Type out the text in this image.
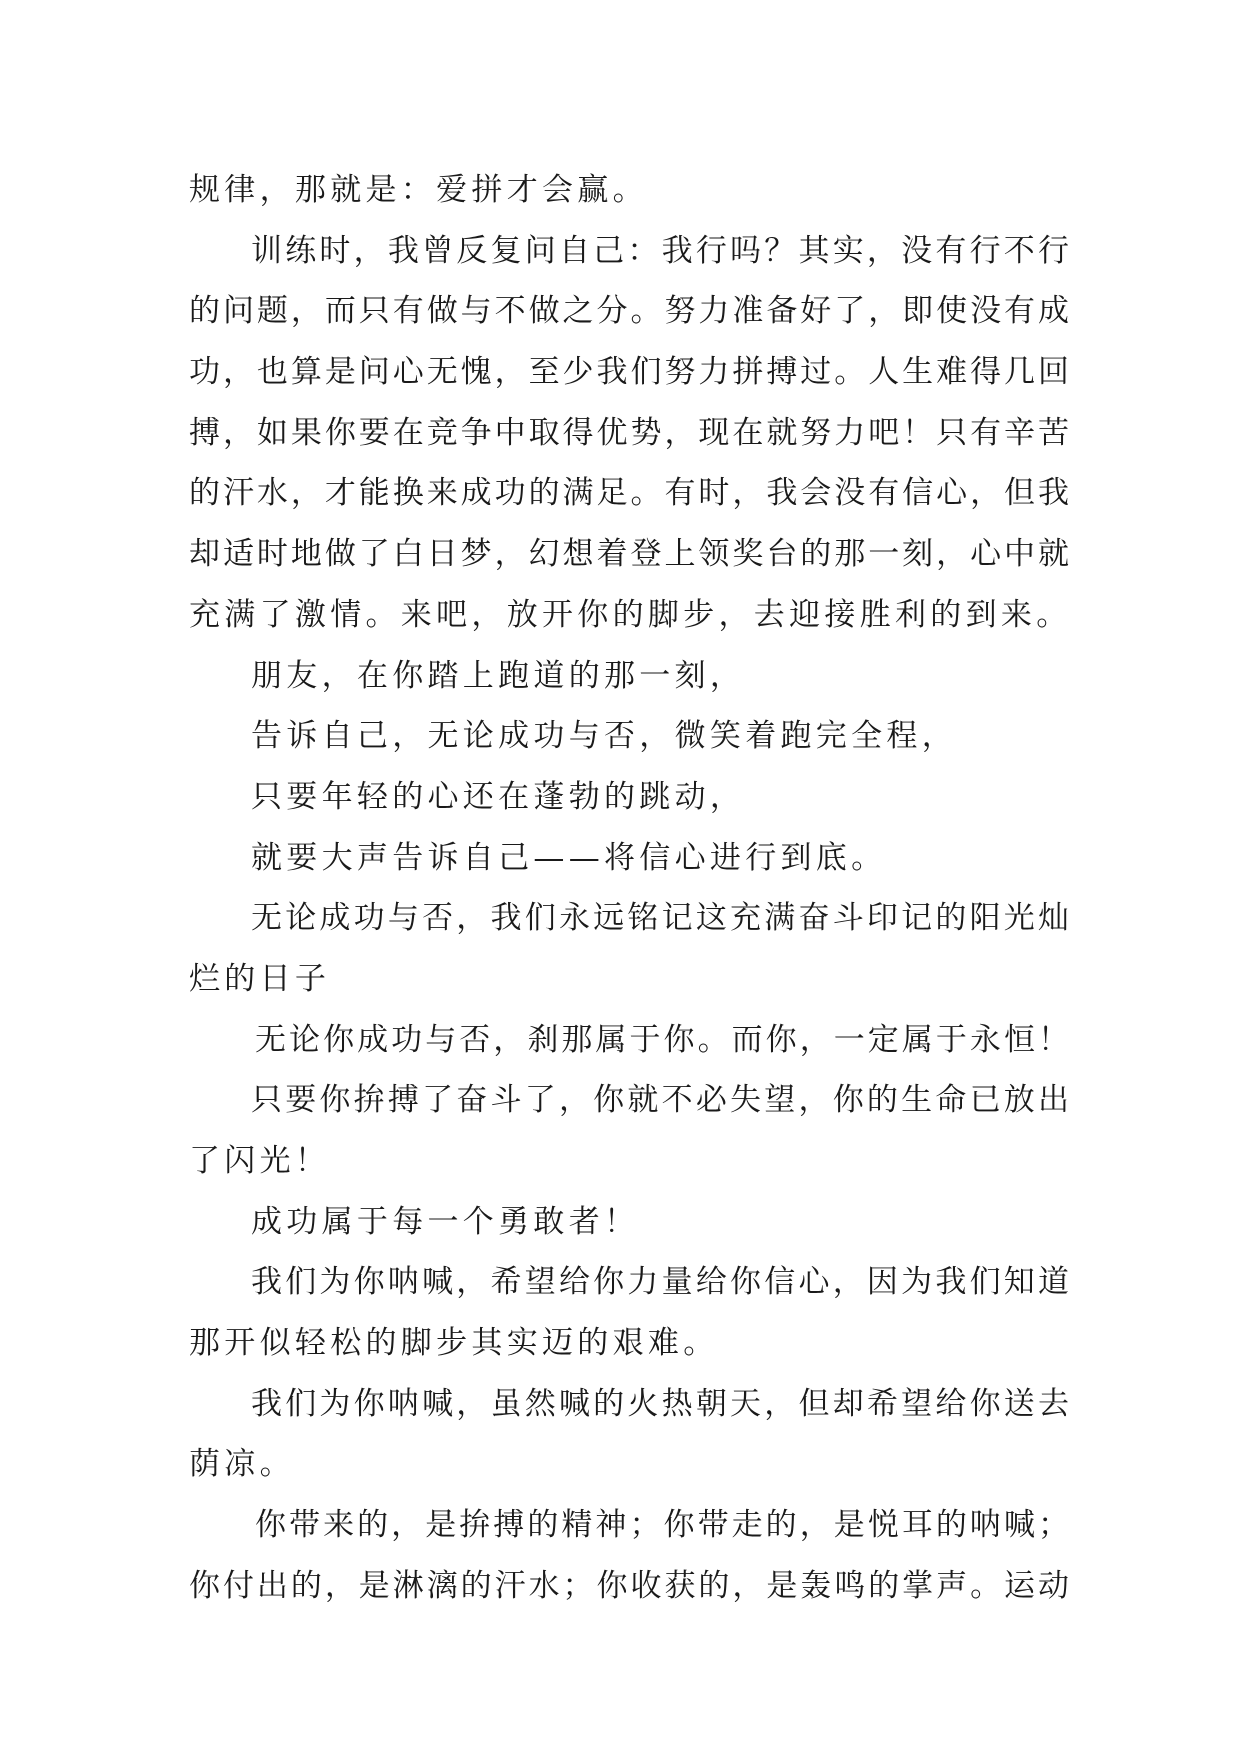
规律，那就是：爱拼才会赢。
训练时，我曾反复问自己：我行吗？其实，没有行不行
的问题，而只有做与不做之分。努力准备好了，即使没有成
功，也算是问心无愧，至少我们努力拼搏过。人生难得几回
搏，如果你要在竞争中取得优势，现在就努力吧！只有辛苦
的汗水，才能换来成功的满足。有时，我会没有信心，但我
却适时地做了白日梦，幻想着登上领奖台的那一刻，心中就
充满了激情。来吧，放开你的脚步，去迎接胜利的到来。
朋友，在你踏上跑道的那一刻，
告诉自己，无论成功与否，微笑着跑完全程，
只要年轻的心还在蓬勃的跳动，
就要大声告诉自己——将信心进行到底。
无论成功与否，我们永远铭记这充满奋斗印记的阳光灿
烂的日子
无论你成功与否，刹那属于你。而你，一定属于永恒！
只要你拚搏了奋斗了，你就不必失望，你的生命已放出
了闪光！
成功属于每一个勇敢者！
我们为你呐喊，希望给你力量给你信心，因为我们知道
那开似轻松的脚步其实迈的艰难。
我们为你呐喊，虽然喊的火热朝天，但却希望给你送去
荫凉。
你带来的，是拚搏的精神；你带走的，是悦耳的呐喊；
你付出的，是淋漓的汗水；你收获的，是轰鸣的掌声。运动
